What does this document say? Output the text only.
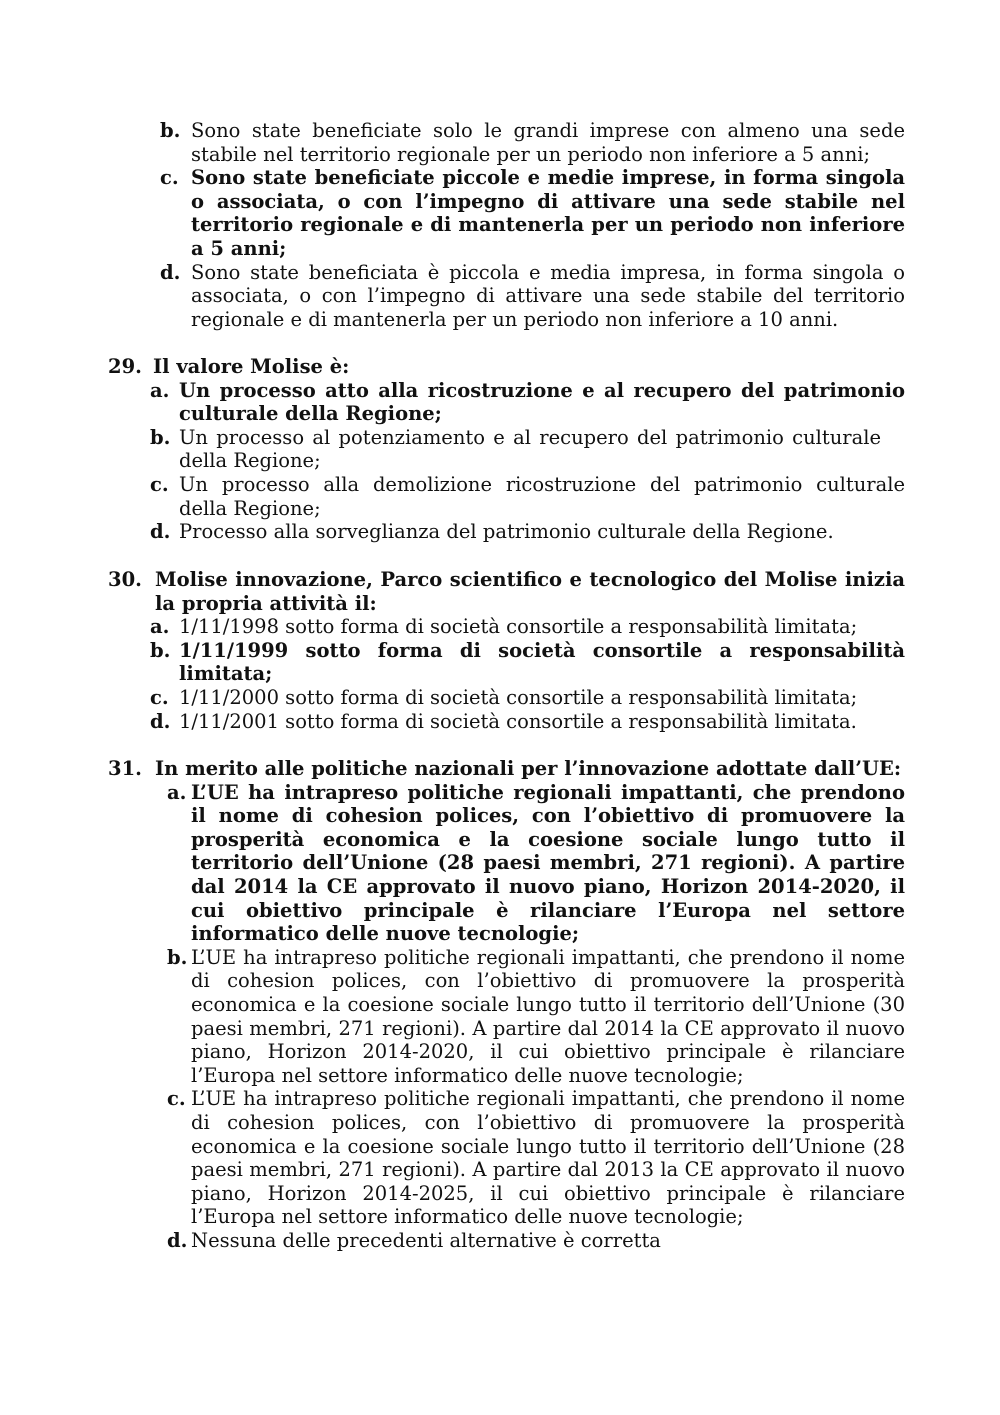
b. Sono state beneficiate solo le grandi imprese con almeno una sede stabile nel territorio regionale per un periodo non inferiore a 5 anni;
c. Sono state beneficiate piccole e medie imprese, in forma singola o associata, o con l’impegno di attivare una sede stabile nel territorio regionale e di mantenerla per un periodo non inferiore a 5 anni;
d. Sono state beneficiata è piccola e media impresa, in forma singola o associata, o con l’impegno di attivare una sede stabile del territorio regionale e di mantenerla per un periodo non inferiore a 10 anni.
29. Il valore Molise è:
a. Un processo atto alla ricostruzione e al recupero del patrimonio culturale della Regione;
b. Un processo al potenziamento e al recupero del patrimonio culturale della Regione;
c. Un processo alla demolizione ricostruzione del patrimonio culturale della Regione;
d. Processo alla sorveglianza del patrimonio culturale della Regione.
30. Molise innovazione, Parco scientifico e tecnologico del Molise inizia la propria attività il:
a. 1/11/1998 sotto forma di società consortile a responsabilità limitata;
b. 1/11/1999 sotto forma di società consortile a responsabilità limitata;
c. 1/11/2000 sotto forma di società consortile a responsabilità limitata;
d. 1/11/2001 sotto forma di società consortile a responsabilità limitata.
31. In merito alle politiche nazionali per l’innovazione adottate dall’UE:
a. L’UE ha intrapreso politiche regionali impattanti, che prendono il nome di cohesion polices, con l’obiettivo di promuovere la prosperità economica e la coesione sociale lungo tutto il territorio dell’Unione (28 paesi membri, 271 regioni). A partire dal 2014 la CE approvato il nuovo piano, Horizon 2014-2020, il cui obiettivo principale è rilanciare l’Europa nel settore informatico delle nuove tecnologie;
b. L’UE ha intrapreso politiche regionali impattanti, che prendono il nome di cohesion polices, con l’obiettivo di promuovere la prosperità economica e la coesione sociale lungo tutto il territorio dell’Unione (30 paesi membri, 271 regioni). A partire dal 2014 la CE approvato il nuovo piano, Horizon 2014-2020, il cui obiettivo principale è rilanciare l’Europa nel settore informatico delle nuove tecnologie;
c. L’UE ha intrapreso politiche regionali impattanti, che prendono il nome di cohesion polices, con l’obiettivo di promuovere la prosperità economica e la coesione sociale lungo tutto il territorio dell’Unione (28 paesi membri, 271 regioni). A partire dal 2013 la CE approvato il nuovo piano, Horizon 2014-2025, il cui obiettivo principale è rilanciare l’Europa nel settore informatico delle nuove tecnologie;
d. Nessuna delle precedenti alternative è corretta
